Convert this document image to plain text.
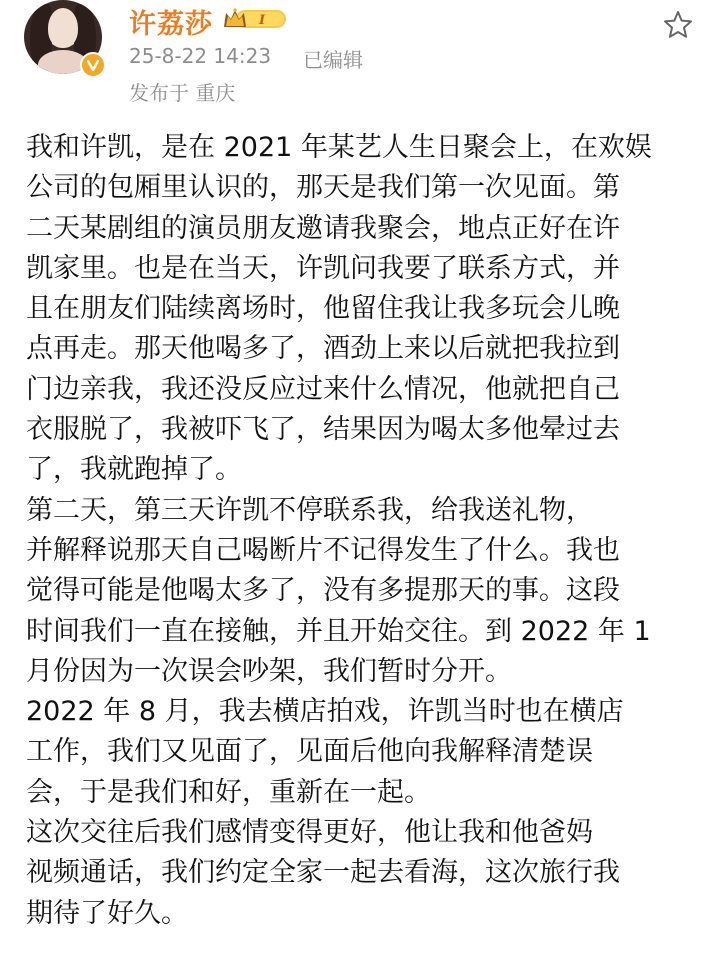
许荔莎	I
25-8-22 14:23 已编辑
发布于 重庆
我和许凯，是在 2021 年某艺人生日聚会上，在欢娱
公司的包厢里认识的，那天是我们第一次见面。第
二天某剧组的演员朋友邀请我聚会，地点正好在许
凯家里。也是在当天，许凯问我要了联系方式，并
且在朋友们陆续离场时，他留住我让我多玩会儿晚
点再走。那天他喝多了，酒劲上来以后就把我拉到
门边亲我，我还没反应过来什么情况，他就把自己
衣服脱了，我被吓飞了，结果因为喝太多他晕过去
了，我就跑掉了。
第二天，第三天许凯不停联系我，给我送礼物，
并解释说那天自己喝断片不记得发生了什么。我也
觉得可能是他喝太多了，没有多提那天的事。这段
时间我们一直在接触，并且开始交往。到 2022 年 1
月份因为一次误会吵架，我们暂时分开。
2022 年 8 月，我去横店拍戏，许凯当时也在横店
工作，我们又见面了，见面后他向我解释清楚误
会，于是我们和好，重新在一起。
这次交往后我们感情变得更好，他让我和他爸妈
视频通话，我们约定全家一起去看海，这次旅行我
期待了好久。
